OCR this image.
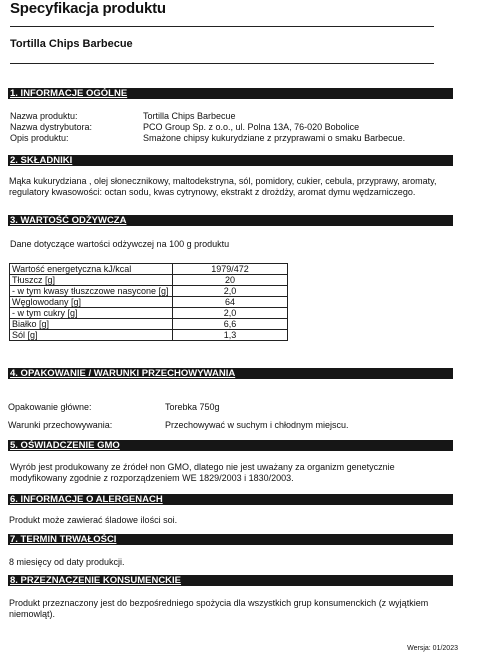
Specyfikacja produktu
Tortilla Chips Barbecue
1. INFORMACJE OGÓLNE
Nazwa produktu:	Tortilla Chips Barbecue
Nazwa dystrybutora:	PCO Group Sp. z o.o., ul. Polna 13A, 76-020 Bobolice
Opis produktu:	Smażone chipsy kukurydziane z przyprawami o smaku Barbecue.
2. SKŁADNIKI
Mąka kukurydziana , olej słonecznikowy, maltodekstryna, sól, pomidory, cukier, cebula, przyprawy, aromaty, regulatory kwasowości: octan sodu, kwas cytrynowy, ekstrakt z drożdży, aromat dymu wędzarniczego.
3. WARTOŚĆ ODŻYWCZA
Dane dotyczące wartości odżywczej na 100 g produktu
Wartość energetyczna kJ/kcal	1979/472
Tłuszcz [g]	20
- w tym kwasy tłuszczowe nasycone [g]	2,0
Węglowodany [g]	64
- w tym cukry [g]	2,0
Białko [g]	6,6
Sól [g]	1,3
4. OPAKOWANIE / WARUNKI PRZECHOWYWANIA
Opakowanie główne:	Torebka 750g
Warunki przechowywania:	Przechowywać w suchym i chłodnym miejscu.
5. OŚWIADCZENIE GMO
Wyrób jest produkowany ze źródeł non GMO, dlatego nie jest uważany za organizm genetycznie modyfikowany zgodnie z rozporządzeniem WE 1829/2003 i 1830/2003.
6. INFORMACJE O ALERGENACH
Produkt może zawierać śladowe ilości soi.
7. TERMIN TRWAŁOŚCI
8 miesięcy od daty produkcji.
8. PRZEZNACZENIE KONSUMENCKIE
Produkt przeznaczony jest do bezpośredniego spożycia dla wszystkich grup konsumenckich (z wyjątkiem niemowląt).
Wersja: 01/2023
